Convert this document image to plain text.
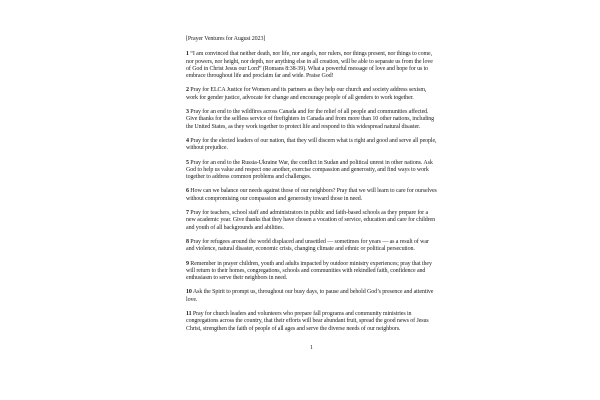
[Prayer Ventures for August 2023]

1 “I am convinced that neither death, nor life, nor angels, nor rulers, nor things present, nor things to come, nor powers, nor height, nor depth, nor anything else in all creation, will be able to separate us from the love of God in Christ Jesus our Lord” (Romans 8:38-39). What a powerful message of love and hope for us to embrace throughout life and proclaim far and wide. Praise God!

2 Pray for ELCA Justice for Women and its partners as they help our church and society address sexism, work for gender justice, advocate for change and encourage people of all genders to work together.

3 Pray for an end to the wildfires across Canada and for the relief of all people and communities affected. Give thanks for the selfless service of firefighters in Canada and from more than 10 other nations, including the United States, as they work together to protect life and respond to this widespread natural disaster.

4 Pray for the elected leaders of our nation, that they will discern what is right and good and serve all people, without prejudice.

5 Pray for an end to the Russia-Ukraine War, the conflict in Sudan and political unrest in other nations. Ask God to help us value and respect one another, exercise compassion and generosity, and find ways to work together to address common problems and challenges.

6 How can we balance our needs against those of our neighbors? Pray that we will learn to care for ourselves without compromising our compassion and generosity toward those in need.

7 Pray for teachers, school staff and administrators in public and faith-based schools as they prepare for a new academic year. Give thanks that they have chosen a vocation of service, education and care for children and youth of all backgrounds and abilities.

8 Pray for refugees around the world displaced and unsettled — sometimes for years — as a result of war and violence, natural disaster, economic crisis, changing climate and ethnic or political persecution.

9 Remember in prayer children, youth and adults impacted by outdoor ministry experiences; pray that they will return to their homes, congregations, schools and communities with rekindled faith, confidence and enthusiasm to serve their neighbors in need.

10 Ask the Spirit to prompt us, throughout our busy days, to pause and behold God’s presence and attentive love.

11 Pray for church leaders and volunteers who prepare fall programs and community ministries in congregations across the country, that their efforts will bear abundant fruit, spread the good news of Jesus Christ, strengthen the faith of people of all ages and serve the diverse needs of our neighbors.

1
